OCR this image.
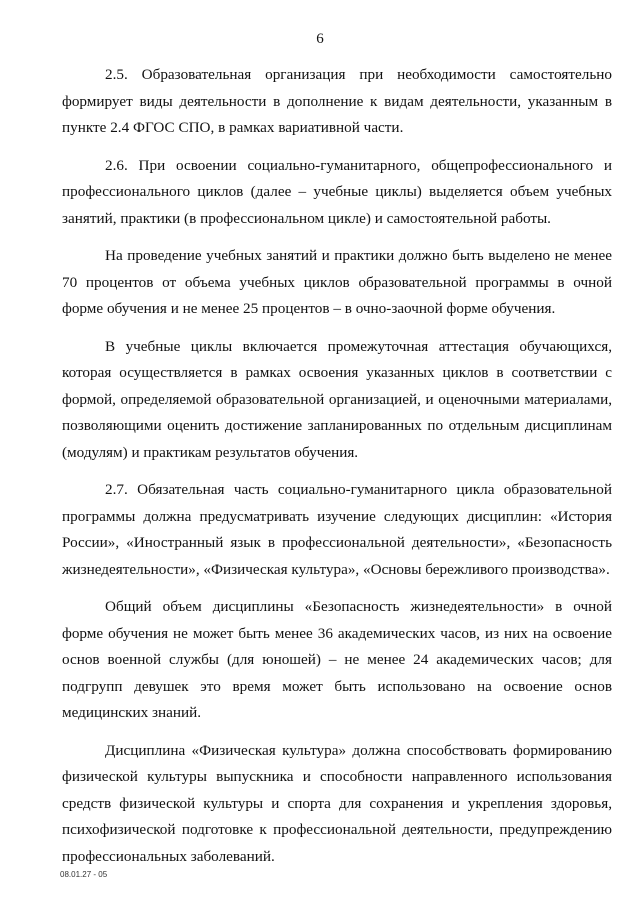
6

2.5. Образовательная организация при необходимости самостоятельно формирует виды деятельности в дополнение к видам деятельности, указанным в пункте 2.4 ФГОС СПО, в рамках вариативной части.

2.6. При освоении социально-гуманитарного, общепрофессионального и профессионального циклов (далее – учебные циклы) выделяется объем учебных занятий, практики (в профессиональном цикле) и самостоятельной работы.

На проведение учебных занятий и практики должно быть выделено не менее 70 процентов от объема учебных циклов образовательной программы в очной форме обучения и не менее 25 процентов – в очно-заочной форме обучения.

В учебные циклы включается промежуточная аттестация обучающихся, которая осуществляется в рамках освоения указанных циклов в соответствии с формой, определяемой образовательной организацией, и оценочными материалами, позволяющими оценить достижение запланированных по отдельным дисциплинам (модулям) и практикам результатов обучения.

2.7. Обязательная часть социально-гуманитарного цикла образовательной программы должна предусматривать изучение следующих дисциплин: «История России», «Иностранный язык в профессиональной деятельности», «Безопасность жизнедеятельности», «Физическая культура», «Основы бережливого производства».

Общий объем дисциплины «Безопасность жизнедеятельности» в очной форме обучения не может быть менее 36 академических часов, из них на освоение основ военной службы (для юношей) – не менее 24 академических часов; для подгрупп девушек это время может быть использовано на освоение основ медицинских знаний.

Дисциплина «Физическая культура» должна способствовать формированию физической культуры выпускника и способности направленного использования средств физической культуры и спорта для сохранения и укрепления здоровья, психофизической подготовке к профессиональной деятельности, предупреждению профессиональных заболеваний.

08.01.27 - 05
